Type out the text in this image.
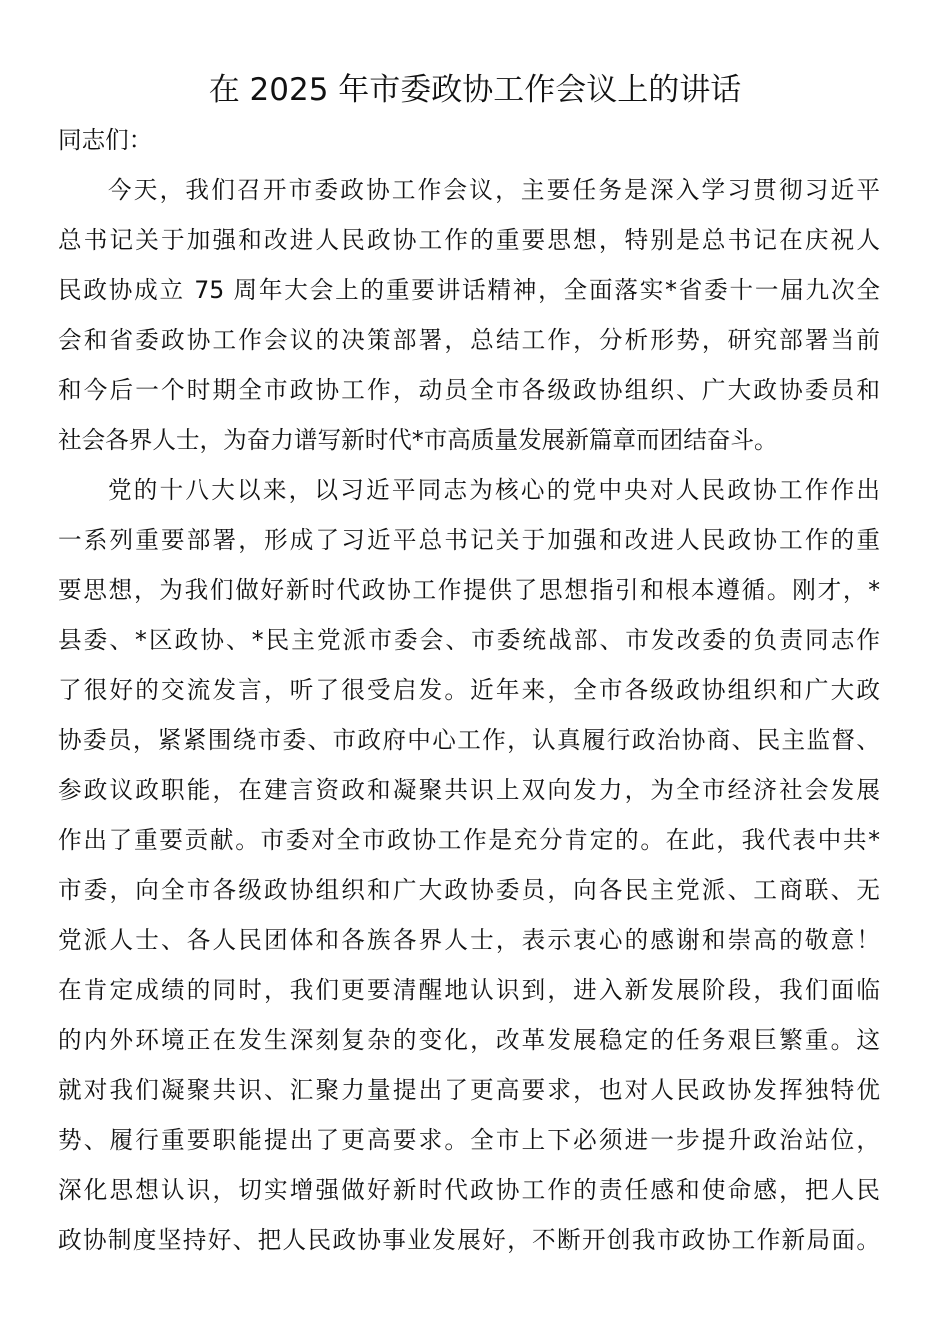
在 2025 年市委政协工作会议上的讲话
同志们：
今天，我们召开市委政协工作会议，主要任务是深入学习贯彻习近平
总书记关于加强和改进人民政协工作的重要思想，特别是总书记在庆祝人
民政协成立 75 周年大会上的重要讲话精神，全面落实*省委十一届九次全
会和省委政协工作会议的决策部署，总结工作，分析形势，研究部署当前
和今后一个时期全市政协工作，动员全市各级政协组织、广大政协委员和
社会各界人士，为奋力谱写新时代*市高质量发展新篇章而团结奋斗。
党的十八大以来，以习近平同志为核心的党中央对人民政协工作作出
一系列重要部署，形成了习近平总书记关于加强和改进人民政协工作的重
要思想，为我们做好新时代政协工作提供了思想指引和根本遵循。刚才，*
县委、*区政协、*民主党派市委会、市委统战部、市发改委的负责同志作
了很好的交流发言，听了很受启发。近年来，全市各级政协组织和广大政
协委员，紧紧围绕市委、市政府中心工作，认真履行政治协商、民主监督、
参政议政职能，在建言资政和凝聚共识上双向发力，为全市经济社会发展
作出了重要贡献。市委对全市政协工作是充分肯定的。在此，我代表中共*
市委，向全市各级政协组织和广大政协委员，向各民主党派、工商联、无
党派人士、各人民团体和各族各界人士，表示衷心的感谢和崇高的敬意！
在肯定成绩的同时，我们更要清醒地认识到，进入新发展阶段，我们面临
的内外环境正在发生深刻复杂的变化，改革发展稳定的任务艰巨繁重。这
就对我们凝聚共识、汇聚力量提出了更高要求，也对人民政协发挥独特优
势、履行重要职能提出了更高要求。全市上下必须进一步提升政治站位，
深化思想认识，切实增强做好新时代政协工作的责任感和使命感，把人民
政协制度坚持好、把人民政协事业发展好，不断开创我市政协工作新局面。
